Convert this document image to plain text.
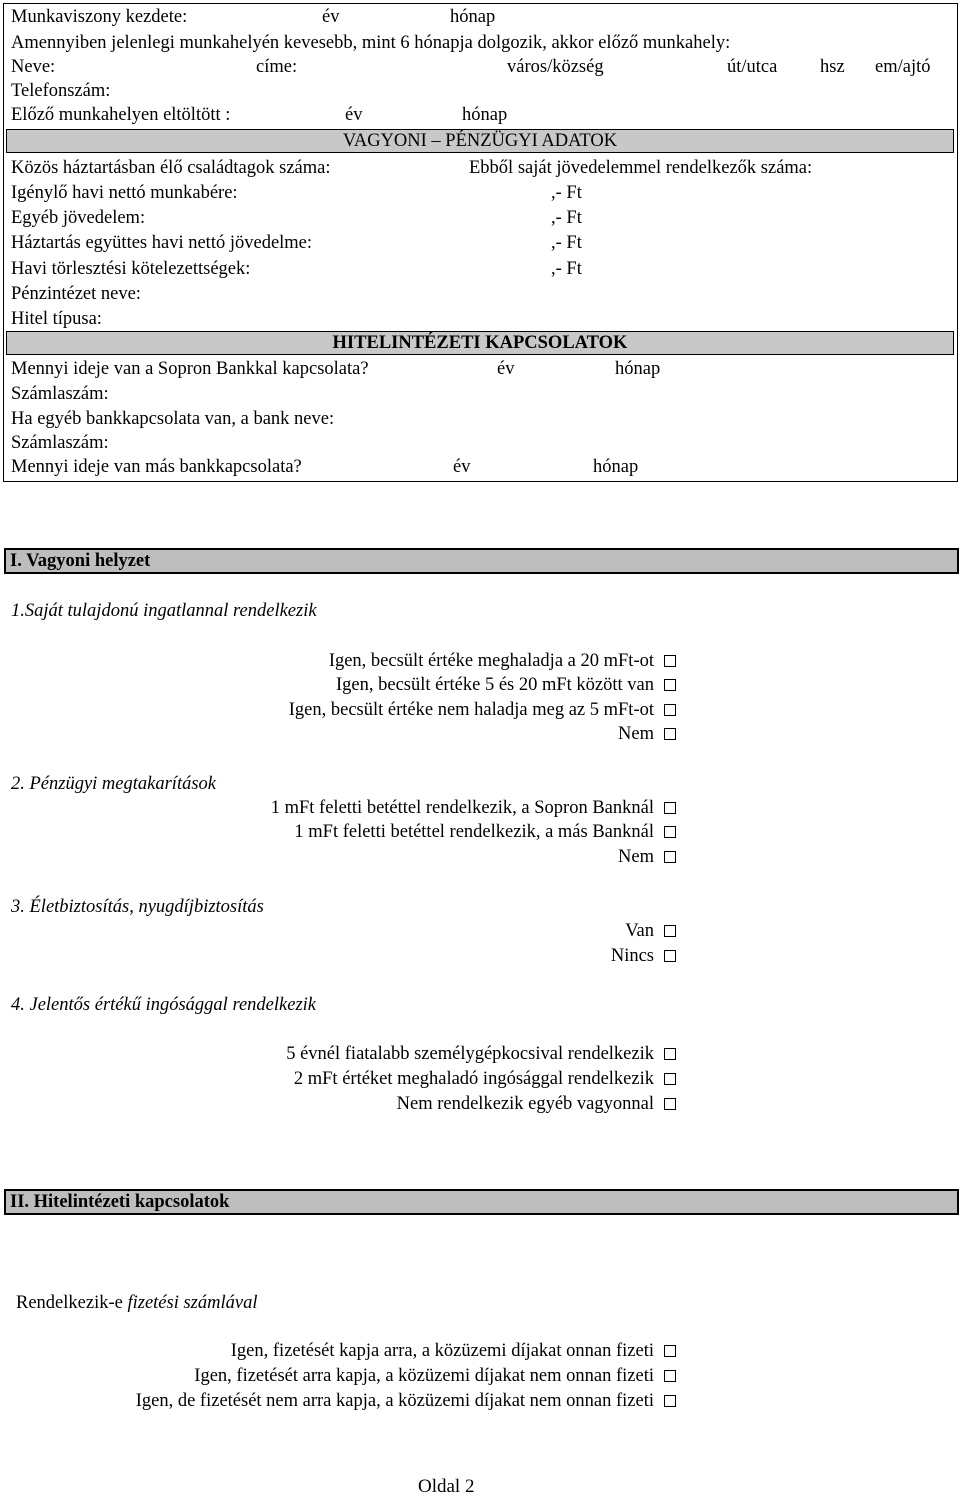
Munkaviszony kezdete:	év	hónap
Amennyiben jelenlegi munkahelyén kevesebb, mint 6 hónapja dolgozik, akkor előző munkahely:
Neve:	címe:	város/község	út/utca hsz em/ajtó
Telefonszám:
Előző munkahelyen eltöltött :	év	hónap
VAGYONI – PÉNZÜGYI ADATOK
Közös háztartásban élő családtagok száma:	Ebből saját jövedelemmel rendelkezők száma:
Igénylő havi nettó munkabére:	,- Ft
Egyéb jövedelem:	,- Ft
Háztartás együttes havi nettó jövedelme:	,- Ft
Havi törlesztési kötelezettségek:	,- Ft
Pénzintézet neve:
Hitel típusa:
HITELINTÉZETI KAPCSOLATOK
Mennyi ideje van a Sopron Bankkal kapcsolata?	év	hónap
Számlaszám:
Ha egyéb bankkapcsolata van, a bank neve:
Számlaszám:
Mennyi ideje van más bankkapcsolata?	év	hónap
I. Vagyoni helyzet
1.Saját tulajdonú ingatlannal rendelkezik
Igen, becsült értéke meghaladja a 20 mFt-ot
Igen, becsült értéke 5 és 20 mFt között van
Igen, becsült értéke nem haladja meg az 5 mFt-ot
Nem
2. Pénzügyi megtakarítások
1 mFt feletti betéttel rendelkezik, a Sopron Banknál
1 mFt feletti betéttel rendelkezik, a más Banknál
Nem
3. Életbiztosítás, nyugdíjbiztosítás
Van
Nincs
4. Jelentős értékű ingósággal rendelkezik
5 évnél fiatalabb személygépkocsival rendelkezik
2 mFt értéket meghaladó ingósággal rendelkezik
Nem rendelkezik egyéb vagyonnal
II. Hitelintézeti kapcsolatok
Rendelkezik-e fizetési számlával
Igen, fizetését kapja arra, a közüzemi díjakat onnan fizeti
Igen, fizetését arra kapja, a közüzemi díjakat nem onnan fizeti
Igen, de fizetését nem arra kapja, a közüzemi díjakat nem onnan fizeti
Oldal 2
